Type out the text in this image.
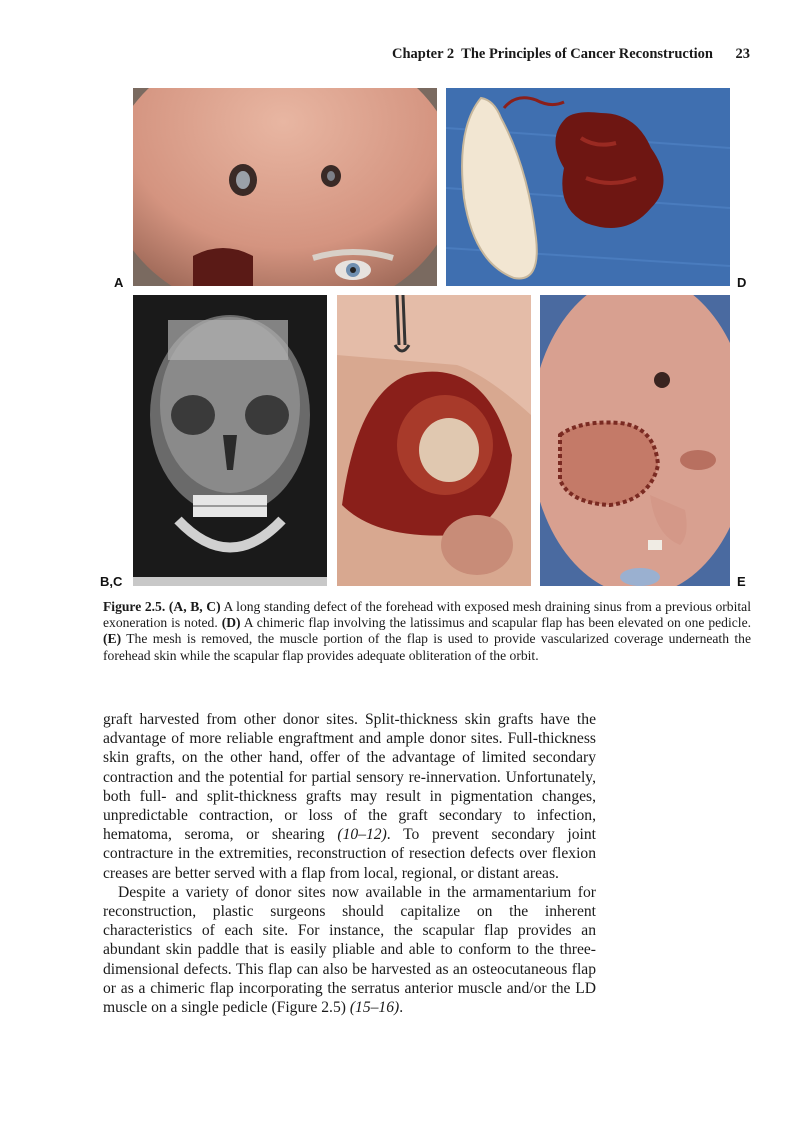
Chapter 2  The Principles of Cancer Reconstruction 23
A	D
B,C	E
Figure 2.5. (A, B, C) A long standing defect of the forehead with exposed mesh draining sinus from a previous orbital exoneration is noted. (D) A chimeric flap involving the latissimus and scapular flap has been elevated on one pedicle. (E) The mesh is removed, the muscle portion of the flap is used to provide vascularized coverage underneath the forehead skin while the scapular flap provides adequate obliteration of the orbit.

graft harvested from other donor sites. Split-thickness skin grafts have the advantage of more reliable engraftment and ample donor sites. Full-thickness skin grafts, on the other hand, offer of the advantage of limited secondary contraction and the potential for partial sensory re-innervation. Unfortunately, both full- and split-thickness grafts may result in pigmentation changes, unpredictable contraction, or loss of the graft secondary to infection, hematoma, seroma, or shearing (10–12). To prevent secondary joint contracture in the extremities, reconstruction of resection defects over flexion creases are better served with a flap from local, regional, or distant areas.

Despite a variety of donor sites now available in the armamentarium for reconstruction, plastic surgeons should capitalize on the inherent characteristics of each site. For instance, the scapular flap provides an abundant skin paddle that is easily pliable and able to conform to the three-dimensional defects. This flap can also be harvested as an osteocutaneous flap or as a chimeric flap incorporating the serratus anterior muscle and/or the LD muscle on a single pedicle (Figure 2.5) (15–16).
